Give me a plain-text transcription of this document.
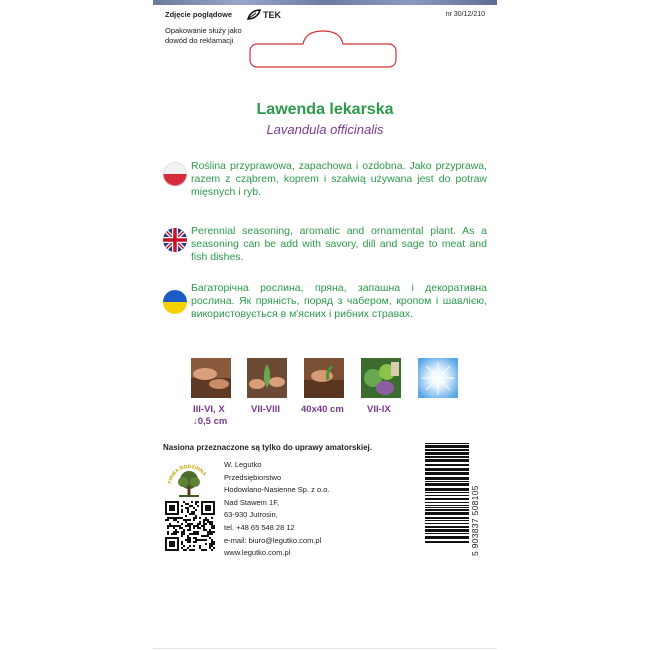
Zdjęcie poglądowe	TEK	nr 30/12/210
Opakowanie służy jako dowód do reklamacji
Lawenda lekarska
Lavandula officinalis
Roślina przyprawowa, zapachowa i ozdobna. Jako przyprawa, razem z cząbrem, koprem i szałwią używana jest do potraw mięsnych i ryb.
Perennial seasoning, aromatic and ornamental plant. As a seasoning can be add with savory, dill and sage to meat and fish dishes.
Багаторічна рослина, пряна, запашна і декоративна рослина. Як пряність, поряд з чабером, кропом і шавлією, використовується в м'ясних і рибних стравах.
III-VI, X
↓0,5 cm
VII-VIII 40x40 cm VII-IX
Nasiona przeznaczone są tylko do uprawy amatorskiej.
FIRMA RODZINNA
W. Legutko
Przedsiębiorstwo
Hodowlano-Nasienne Sp. z o.o.
Nad Stawem 1F,
63-930 Jutrosin,
tel. +48 65 548 28 12
e-mail: biuro@legutko.com.pl
www.legutko.com.pl	5 903837 508105
